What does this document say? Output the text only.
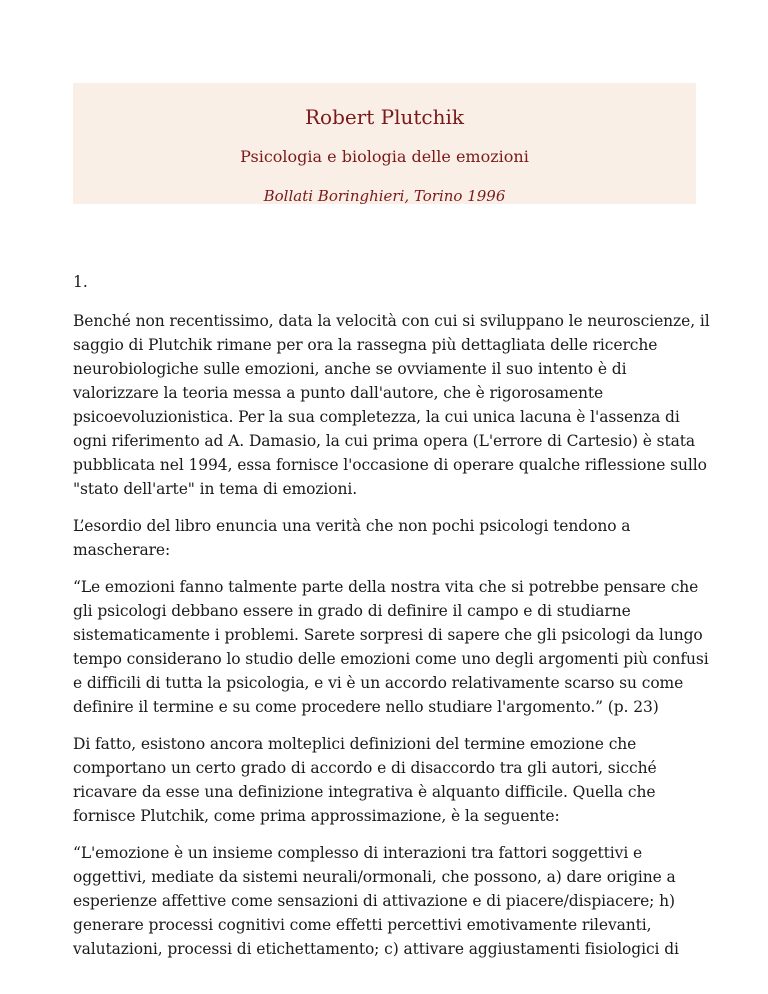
Robert Plutchik
Psicologia e biologia delle emozioni
Bollati Boringhieri, Torino 1996

1.

Benché non recentissimo, data la velocità con cui si sviluppano le neuroscienze, il saggio di Plutchik rimane per ora la rassegna più dettagliata delle ricerche neurobiologiche sulle emozioni, anche se ovviamente il suo intento è di valorizzare la teoria messa a punto dall'autore, che è rigorosamente psicoevoluzionistica. Per la sua completezza, la cui unica lacuna è l'assenza di ogni riferimento ad A. Damasio, la cui prima opera (L'errore di Cartesio) è stata pubblicata nel 1994, essa fornisce l'occasione di operare qualche riflessione sullo "stato dell'arte" in tema di emozioni.

L’esordio del libro enuncia una verità che non pochi psicologi tendono a mascherare:

“Le emozioni fanno talmente parte della nostra vita che si potrebbe pensare che gli psicologi debbano essere in grado di definire il campo e di studiarne sistematicamente i problemi. Sarete sorpresi di sapere che gli psicologi da lungo tempo considerano lo studio delle emozioni come uno degli argomenti più confusi e difficili di tutta la psicologia, e vi è un accordo relativamente scarso su come definire il termine e su come procedere nello studiare l'argomento.” (p. 23)

Di fatto, esistono ancora molteplici definizioni del termine emozione che comportano un certo grado di accordo e di disaccordo tra gli autori, sicché ricavare da esse una definizione integrativa è alquanto difficile. Quella che fornisce Plutchik, come prima approssimazione, è la seguente:

“L'emozione è un insieme complesso di interazioni tra fattori soggettivi e oggettivi, mediate da sistemi neurali/ormonali, che possono, a) dare origine a esperienze affettive come sensazioni di attivazione e di piacere/dispiacere; h) generare processi cognitivi come effetti percettivi emotivamente rilevanti, valutazioni, processi di etichettamento; c) attivare aggiustamenti fisiologici di
